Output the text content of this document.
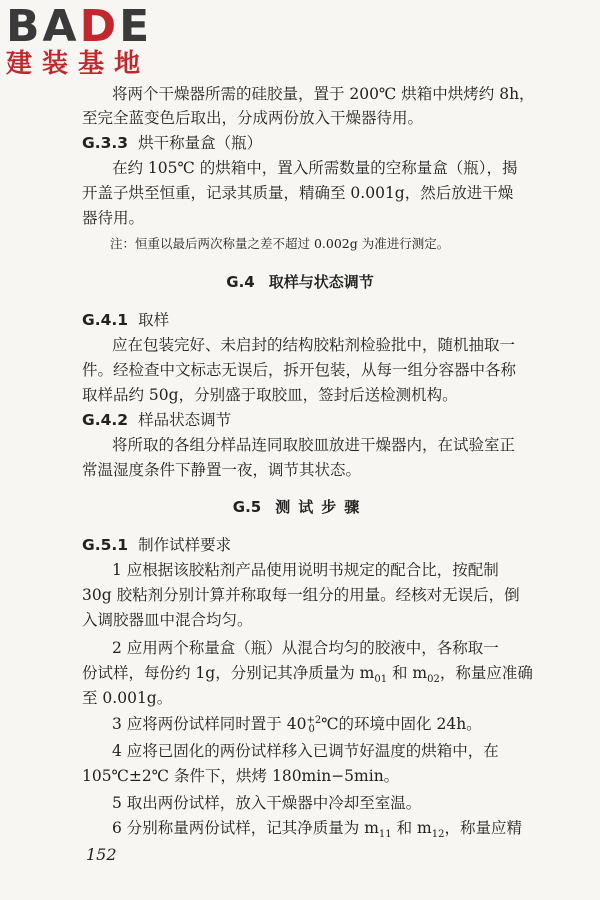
BADE
建装基地
将两个干燥器所需的硅胶量，置于 200℃ 烘箱中烘烤约 8h，
至完全蓝变色后取出，分成两份放入干燥器待用。
G.3.3 烘干称量盒（瓶）
在约 105℃ 的烘箱中，置入所需数量的空称量盒（瓶），揭
开盖子烘至恒重，记录其质量，精确至 0.001g，然后放进干燥
器待用。
注：恒重以最后两次称量之差不超过 0.002g 为准进行测定。
G.4 取样与状态调节
G.4.1 取样
应在包装完好、未启封的结构胶粘剂检验批中，随机抽取一
件。经检查中文标志无误后，拆开包装，从每一组分容器中各称
取样品约 50g，分别盛于取胶皿，签封后送检测机构。
G.4.2 样品状态调节
将所取的各组分样品连同取胶皿放进干燥器内，在试验室正
常温湿度条件下静置一夜，调节其状态。
G.5 测试步骤
G.5.1 制作试样要求
1 应根据该胶粘剂产品使用说明书规定的配合比，按配制
30g 胶粘剂分别计算并称取每一组分的用量。经核对无误后，倒
入调胶器皿中混合均匀。
2 应用两个称量盒（瓶）从混合均匀的胶液中，各称取一
份试样，每份约 1g，分别记其净质量为 $m_{01}$ 和 $m_{02}$，称量应准确
至 0.001g。
3 应将两份试样同时置于 40 +2
0 ℃的环境中固化 24h。
4 应将已固化的两份试样移入已调节好温度的烘箱中，在
105℃±2℃ 条件下，烘烤 180min−5min。
5 取出两份试样，放入干燥器中冷却至室温。
6 分别称量两份试样，记其净质量为 $m_{11}$ 和 $m_{12}$，称量应精
152
